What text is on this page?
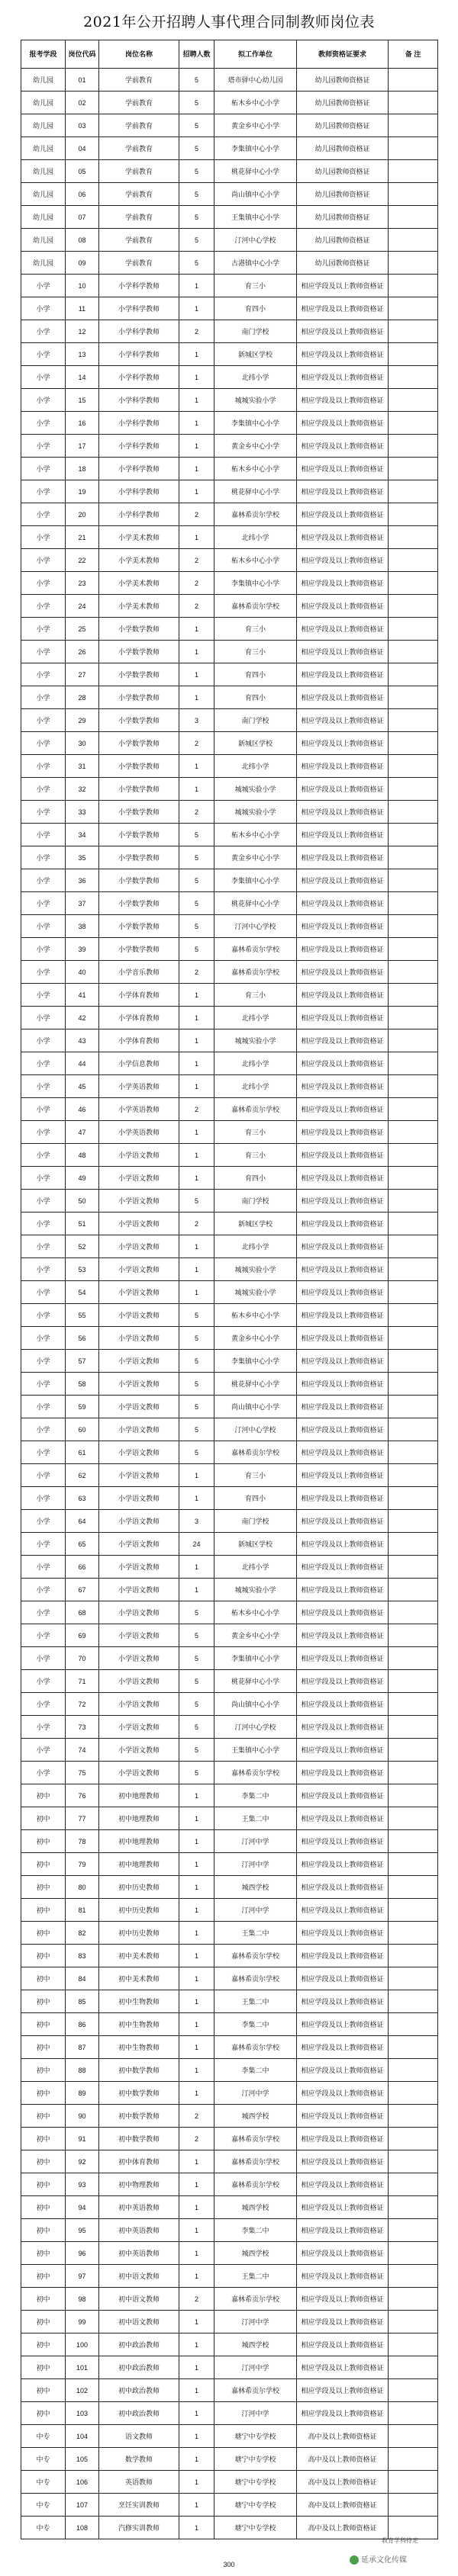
2021年公开招聘人事代理合同制教师岗位表
报考学段	岗位代码	岗位名称	招聘人数	拟工作单位	教师资格证要求	备 注
幼儿园	01	学前教育	5	塔市驿中心幼儿园	幼儿园教师资格证	
幼儿园	02	学前教育	5	柘木乡中心小学	幼儿园教师资格证	
幼儿园	03	学前教育	5	黄金乡中心小学	幼儿园教师资格证	
幼儿园	04	学前教育	5	李集镇中心小学	幼儿园教师资格证	
幼儿园	05	学前教育	5	桃花驿中心小学	幼儿园教师资格证	
幼儿园	06	学前教育	5	尚山镇中心小学	幼儿园教师资格证	
幼儿园	07	学前教育	5	王集镇中心小学	幼儿园教师资格证	
幼儿园	08	学前教育	5	汀河中心学校	幼儿园教师资格证	
幼儿园	09	学前教育	5	古港镇中心小学	幼儿园教师资格证	
小学	10	小学科学教师	1	育三小	相应学段及以上教师资格证	
小学	11	小学科学教师	1	育四小	相应学段及以上教师资格证	
小学	12	小学科学教师	2	南门学校	相应学段及以上教师资格证	
小学	13	小学科学教师	1	新城区学校	相应学段及以上教师资格证	
小学	14	小学科学教师	1	北纬小学	相应学段及以上教师资格证	
小学	15	小学科学教师	1	城城实验小学	相应学段及以上教师资格证	
小学	16	小学科学教师	1	李集镇中心小学	相应学段及以上教师资格证	
小学	17	小学科学教师	1	黄金乡中心小学	相应学段及以上教师资格证	
小学	18	小学科学教师	1	柘木乡中心小学	相应学段及以上教师资格证	
小学	19	小学科学教师	1	桃花驿中心小学	相应学段及以上教师资格证	
小学	20	小学科学教师	2	嘉林希贡尔学校	相应学段及以上教师资格证	
小学	21	小学美术教师	1	北纬小学	相应学段及以上教师资格证	
小学	22	小学美术教师	2	柘木乡中心小学	相应学段及以上教师资格证	
小学	23	小学美术教师	2	李集镇中心小学	相应学段及以上教师资格证	
小学	24	小学美术教师	2	嘉林希贡尔学校	相应学段及以上教师资格证	
小学	25	小学数学教师	1	育三小	相应学段及以上教师资格证	
小学	26	小学数学教师	1	育三小	相应学段及以上教师资格证	
小学	27	小学数学教师	1	育四小	相应学段及以上教师资格证	
小学	28	小学数学教师	1	育四小	相应学段及以上教师资格证	
小学	29	小学数学教师	3	南门学校	相应学段及以上教师资格证	
小学	30	小学数学教师	2	新城区学校	相应学段及以上教师资格证	
小学	31	小学数学教师	1	北纬小学	相应学段及以上教师资格证	
小学	32	小学数学教师	1	城城实验小学	相应学段及以上教师资格证	
小学	33	小学数学教师	2	城城实验小学	相应学段及以上教师资格证	
小学	34	小学数学教师	5	柘木乡中心小学	相应学段及以上教师资格证	
小学	35	小学数学教师	5	黄金乡中心小学	相应学段及以上教师资格证	
小学	36	小学数学教师	5	李集镇中心小学	相应学段及以上教师资格证	
小学	37	小学数学教师	5	桃花驿中心小学	相应学段及以上教师资格证	
小学	38	小学数学教师	5	汀河中心学校	相应学段及以上教师资格证	
小学	39	小学数学教师	5	嘉林希贡尔学校	相应学段及以上教师资格证	
小学	40	小学音乐教师	2	嘉林希贡尔学校	相应学段及以上教师资格证	
小学	41	小学体育教师	1	育三小	相应学段及以上教师资格证	
小学	42	小学体育教师	1	北纬小学	相应学段及以上教师资格证	
小学	43	小学体育教师	1	城城实验小学	相应学段及以上教师资格证	
小学	44	小学信息教师	1	北纬小学	相应学段及以上教师资格证	
小学	45	小学英语教师	1	北纬小学	相应学段及以上教师资格证	
小学	46	小学英语教师	2	嘉林希贡尔学校	相应学段及以上教师资格证	
小学	47	小学英语教师	1	育三小	相应学段及以上教师资格证	
小学	48	小学语文教师	1	育三小	相应学段及以上教师资格证	
小学	49	小学语文教师	1	育四小	相应学段及以上教师资格证	
小学	50	小学语文教师	5	南门学校	相应学段及以上教师资格证	
小学	51	小学语文教师	2	新城区学校	相应学段及以上教师资格证	
小学	52	小学语文教师	1	北纬小学	相应学段及以上教师资格证	
小学	53	小学语文教师	1	城城实验小学	相应学段及以上教师资格证	
小学	54	小学语文教师	1	城城实验小学	相应学段及以上教师资格证	
小学	55	小学语文教师	5	柘木乡中心小学	相应学段及以上教师资格证	
小学	56	小学语文教师	5	黄金乡中心小学	相应学段及以上教师资格证	
小学	57	小学语文教师	5	李集镇中心小学	相应学段及以上教师资格证	
小学	58	小学语文教师	5	桃花驿中心小学	相应学段及以上教师资格证	
小学	59	小学语文教师	5	尚山镇中心小学	相应学段及以上教师资格证	
小学	60	小学语文教师	5	汀河中心学校	相应学段及以上教师资格证	
小学	61	小学语文教师	5	嘉林希贡尔学校	相应学段及以上教师资格证	
小学	62	小学语文教师	1	育三小	相应学段及以上教师资格证	
小学	63	小学语文教师	1	育四小	相应学段及以上教师资格证	
小学	64	小学语文教师	3	南门学校	相应学段及以上教师资格证	
小学	65	小学语文教师	24	新城区学校	相应学段及以上教师资格证	
小学	66	小学语文教师	1	北纬小学	相应学段及以上教师资格证	
小学	67	小学语文教师	1	城城实验小学	相应学段及以上教师资格证	
小学	68	小学语文教师	5	柘木乡中心小学	相应学段及以上教师资格证	
小学	69	小学语文教师	5	黄金乡中心小学	相应学段及以上教师资格证	
小学	70	小学语文教师	5	李集镇中心小学	相应学段及以上教师资格证	
小学	71	小学语文教师	5	桃花驿中心小学	相应学段及以上教师资格证	
小学	72	小学语文教师	5	尚山镇中心小学	相应学段及以上教师资格证	
小学	73	小学语文教师	5	汀河中心学校	相应学段及以上教师资格证	
小学	74	小学语文教师	5	王集镇中心小学	相应学段及以上教师资格证	
小学	75	小学语文教师	5	嘉林希贡尔学校	相应学段及以上教师资格证	
初中	76	初中地理教师	1	李集二中	相应学段及以上教师资格证	
初中	77	初中地理教师	1	王集二中	相应学段及以上教师资格证	
初中	78	初中地理教师	1	汀河中学	相应学段及以上教师资格证	
初中	79	初中地理教师	1	汀河中学	相应学段及以上教师资格证	
初中	80	初中历史教师	1	城西学校	相应学段及以上教师资格证	
初中	81	初中历史教师	1	汀河中学	相应学段及以上教师资格证	
初中	82	初中历史教师	1	王集二中	相应学段及以上教师资格证	
初中	83	初中美术教师	1	嘉林希贡尔学校	相应学段及以上教师资格证	
初中	84	初中美术教师	1	嘉林希贡尔学校	相应学段及以上教师资格证	
初中	85	初中生物教师	1	王集二中	相应学段及以上教师资格证	
初中	86	初中生物教师	1	李集二中	相应学段及以上教师资格证	
初中	87	初中生物教师	1	嘉林希贡尔学校	相应学段及以上教师资格证	
初中	88	初中数学教师	1	李集二中	相应学段及以上教师资格证	
初中	89	初中数学教师	1	汀河中学	相应学段及以上教师资格证	
初中	90	初中数学教师	2	城西学校	相应学段及以上教师资格证	
初中	91	初中数学教师	2	嘉林希贡尔学校	相应学段及以上教师资格证	
初中	92	初中体育教师	1	嘉林希贡尔学校	相应学段及以上教师资格证	
初中	93	初中物理教师	1	嘉林希贡尔学校	相应学段及以上教师资格证	
初中	94	初中英语教师	1	城西学校	相应学段及以上教师资格证	
初中	95	初中英语教师	1	李集二中	相应学段及以上教师资格证	
初中	96	初中英语教师	1	城西学校	相应学段及以上教师资格证	
初中	97	初中语文教师	1	王集二中	相应学段及以上教师资格证	
初中	98	初中语文教师	2	嘉林希贡尔学校	相应学段及以上教师资格证	
初中	99	初中语文教师	1	汀河中学	相应学段及以上教师资格证	
初中	100	初中政治教师	1	城西学校	相应学段及以上教师资格证	
初中	101	初中政治教师	1	汀河中学	相应学段及以上教师资格证	
初中	102	初中政治教师	1	嘉林希贡尔学校	相应学段及以上教师资格证	
初中	103	初中政治教师	1	汀河中学	相应学段及以上教师资格证	
中专	104	语文教师	1	塘宁中专学校	高中及以上教师资格证	
中专	105	数学教师	1	塘宁中专学校	高中及以上教师资格证	
中专	106	英语教师	1	塘宁中专学校	高中及以上教师资格证	
中专	107	烹饪实训教师	1	塘宁中专学校	高中及以上教师资格证	
中专	108	汽修实训教师	1	塘宁中专学校	高中及以上教师资格证	
教育学科待定
300	延承文化传媒
